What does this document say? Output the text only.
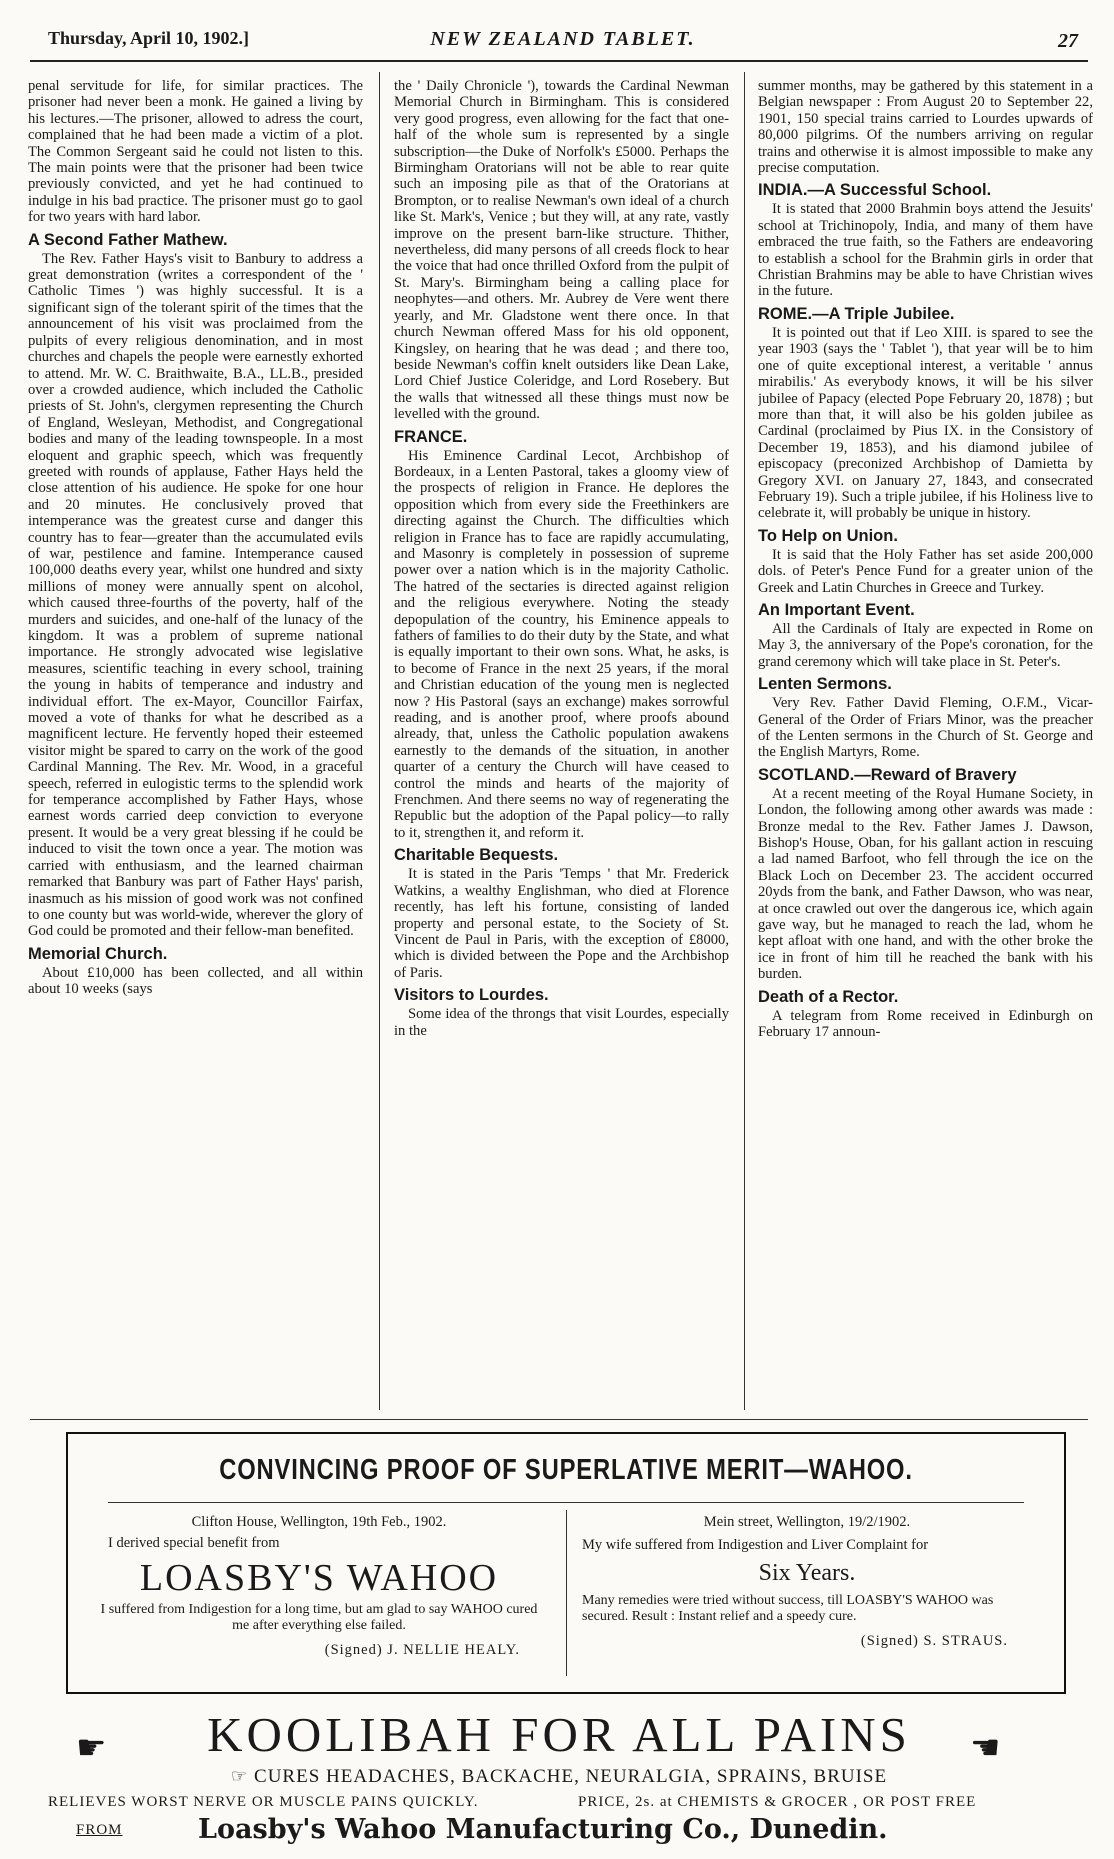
Thursday, April 10, 1902.]	NEW ZEALAND TABLET.	27

penal servitude for life, for similar practices. The prisoner had never been a monk. He gained a living by his lectures.—The prisoner, allowed to adress the court, complained that he had been made a victim of a plot. The Common Sergeant said he could not listen to this. The main points were that the prisoner had been twice previously convicted, and yet he had continued to indulge in his bad practice. The prisoner must go to gaol for two years with hard labor.

A Second Father Mathew.

The Rev. Father Hays's visit to Banbury to address a great demonstration (writes a correspondent of the ' Catholic Times ') was highly successful. It is a significant sign of the tolerant spirit of the times that the announcement of his visit was proclaimed from the pulpits of every religious denomination, and in most churches and chapels the people were earnestly exhorted to attend. Mr. W. C. Braithwaite, B.A., LL.B., presided over a crowded audience, which included the Catholic priests of St. John's, clergymen representing the Church of England, Wesleyan, Methodist, and Congregational bodies and many of the leading townspeople. In a most eloquent and graphic speech, which was frequently greeted with rounds of applause, Father Hays held the close attention of his audience. He spoke for one hour and 20 minutes. He conclusively proved that intemperance was the greatest curse and danger this country has to fear—greater than the accumulated evils of war, pestilence and famine. Intemperance caused 100,000 deaths every year, whilst one hundred and sixty millions of money were annually spent on alcohol, which caused three-fourths of the poverty, half of the murders and suicides, and one-half of the lunacy of the kingdom. It was a problem of supreme national importance. He strongly advocated wise legislative measures, scientific teaching in every school, training the young in habits of temperance and industry and individual effort. The ex-Mayor, Councillor Fairfax, moved a vote of thanks for what he described as a magnificent lecture. He fervently hoped their esteemed visitor might be spared to carry on the work of the good Cardinal Manning. The Rev. Mr. Wood, in a graceful speech, referred in eulogistic terms to the splendid work for temperance accomplished by Father Hays, whose earnest words carried deep conviction to everyone present. It would be a very great blessing if he could be induced to visit the town once a year. The motion was carried with enthusiasm, and the learned chairman remarked that Banbury was part of Father Hays' parish, inasmuch as his mission of good work was not confined to one county but was world-wide, wherever the glory of God could be promoted and their fellow-man benefited.

Memorial Church.

About £10,000 has been collected, and all within about 10 weeks (says

the ' Daily Chronicle '), towards the Cardinal Newman Memorial Church in Birmingham. This is considered very good progress, even allowing for the fact that one-half of the whole sum is represented by a single subscription—the Duke of Norfolk's £5000. Perhaps the Birmingham Oratorians will not be able to rear quite such an imposing pile as that of the Oratorians at Brompton, or to realise Newman's own ideal of a church like St. Mark's, Venice ; but they will, at any rate, vastly improve on the present barn-like structure. Thither, nevertheless, did many persons of all creeds flock to hear the voice that had once thrilled Oxford from the pulpit of St. Mary's. Birmingham being a calling place for neophytes—and others. Mr. Aubrey de Vere went there yearly, and Mr. Gladstone went there once. In that church Newman offered Mass for his old opponent, Kingsley, on hearing that he was dead ; and there too, beside Newman's coffin knelt outsiders like Dean Lake, Lord Chief Justice Coleridge, and Lord Rosebery. But the walls that witnessed all these things must now be levelled with the ground.

FRANCE.

His Eminence Cardinal Lecot, Archbishop of Bordeaux, in a Lenten Pastoral, takes a gloomy view of the prospects of religion in France. He deplores the opposition which from every side the Freethinkers are directing against the Church. The difficulties which religion in France has to face are rapidly accumulating, and Masonry is completely in possession of supreme power over a nation which is in the majority Catholic. The hatred of the sectaries is directed against religion and the religious everywhere. Noting the steady depopulation of the country, his Eminence appeals to fathers of families to do their duty by the State, and what is equally important to their own sons. What, he asks, is to become of France in the next 25 years, if the moral and Christian education of the young men is neglected now ? His Pastoral (says an exchange) makes sorrowful reading, and is another proof, where proofs abound already, that, unless the Catholic population awakens earnestly to the demands of the situation, in another quarter of a century the Church will have ceased to control the minds and hearts of the majority of Frenchmen. And there seems no way of regenerating the Republic but the adoption of the Papal policy—to rally to it, strengthen it, and reform it.

Charitable Bequests.

It is stated in the Paris 'Temps ' that Mr. Frederick Watkins, a wealthy Englishman, who died at Florence recently, has left his fortune, consisting of landed property and personal estate, to the Society of St. Vincent de Paul in Paris, with the exception of £8000, which is divided between the Pope and the Archbishop of Paris.

Visitors to Lourdes.

Some idea of the throngs that visit Lourdes, especially in the

summer months, may be gathered by this statement in a Belgian newspaper : From August 20 to September 22, 1901, 150 special trains carried to Lourdes upwards of 80,000 pilgrims. Of the numbers arriving on regular trains and otherwise it is almost impossible to make any precise computation.

INDIA.—A Successful School.

It is stated that 2000 Brahmin boys attend the Jesuits' school at Trichinopoly, India, and many of them have embraced the true faith, so the Fathers are endeavoring to establish a school for the Brahmin girls in order that Christian Brahmins may be able to have Christian wives in the future.

ROME.—A Triple Jubilee.

It is pointed out that if Leo XIII. is spared to see the year 1903 (says the ' Tablet '), that year will be to him one of quite exceptional interest, a veritable ' annus mirabilis.' As everybody knows, it will be his silver jubilee of Papacy (elected Pope February 20, 1878) ; but more than that, it will also be his golden jubilee as Cardinal (proclaimed by Pius IX. in the Consistory of December 19, 1853), and his diamond jubilee of episcopacy (preconized Archbishop of Damietta by Gregory XVI. on January 27, 1843, and consecrated February 19). Such a triple jubilee, if his Holiness live to celebrate it, will probably be unique in history.

To Help on Union.

It is said that the Holy Father has set aside 200,000 dols. of Peter's Pence Fund for a greater union of the Greek and Latin Churches in Greece and Turkey.

An Important Event.

All the Cardinals of Italy are expected in Rome on May 3, the anniversary of the Pope's coronation, for the grand ceremony which will take place in St. Peter's.

Lenten Sermons.

Very Rev. Father David Fleming, O.F.M., Vicar-General of the Order of Friars Minor, was the preacher of the Lenten sermons in the Church of St. George and the English Martyrs, Rome.

SCOTLAND.—Reward of Bravery

At a recent meeting of the Royal Humane Society, in London, the following among other awards was made : Bronze medal to the Rev. Father James J. Dawson, Bishop's House, Oban, for his gallant action in rescuing a lad named Barfoot, who fell through the ice on the Black Loch on December 23. The accident occurred 20yds from the bank, and Father Dawson, who was near, at once crawled out over the dangerous ice, which again gave way, but he managed to reach the lad, whom he kept afloat with one hand, and with the other broke the ice in front of him till he reached the bank with his burden.

Death of a Rector.

A telegram from Rome received in Edinburgh on February 17 announ-

CONVINCING PROOF OF SUPERLATIVE MERIT—WAHOO.
Clifton House, Wellington, 19th Feb., 1902.
I derived special benefit from
LOASBY'S WAHOO
I suffered from Indigestion for a long time, but am glad to say WAHOO cured me after everything else failed.
(Signed) J. NELLIE HEALY.
Mein street, Wellington, 19/2/1902.
My wife suffered from Indigestion and Liver Complaint for
Six Years.
Many remedies were tried without success, till LOASBY'S WAHOO was secured. Result : Instant relief and a speedy cure.
(Signed) S. STRAUS.
☛	KOOLIBAH FOR ALL PAINS	☛
☞ CURES HEADACHES, BACKACHE, NEURALGIA, SPRAINS, BRUISE
RELIEVES WORST NERVE OR MUSCLE PAINS QUICKLY.	PRICE, 2s. at CHEMISTS & GROCER , OR POST FREE
FROM	Loasby's Wahoo Manufacturing Co., Dunedin.
